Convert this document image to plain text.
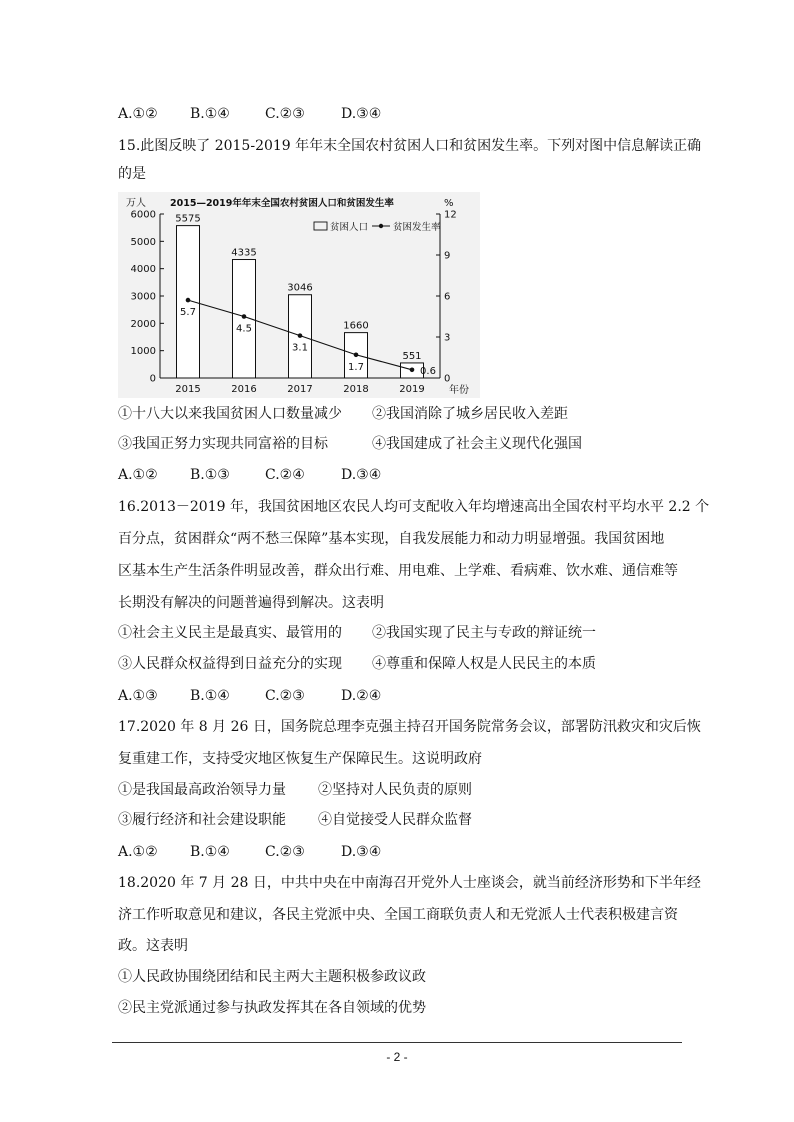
A.①② B.①④	C.②③	D.③④
15.此图反映了 2015-2019 年年末全国农村贫困人口和贫困发生率。下列对图中信息解读正确
的是
2015—2019年年末全国农村贫困人口和贫困发生率
万人	%
年份
0
1000
2000
3000
4000
5000
6000
0
3
6
9
12
2015	2016	2017	2018	2019
5575
4335
3046
1660
551
5.7
4.5
3.1
1.7	0.6
贫困人口	贫困发生率
①十八大以来我国贫困人口数量减少 ②我国消除了城乡居民收入差距
③我国正努力实现共同富裕的目标	④我国建成了社会主义现代化强国
A.①② B.①③	C.②④	D.③④
16.2013－2019 年，我国贫困地区农民人均可支配收入年均增速高出全国农村平均水平 2.2 个
百分点，贫困群众“两不愁三保障”基本实现，自我发展能力和动力明显增强。我国贫困地
区基本生产生活条件明显改善，群众出行难、用电难、上学难、看病难、饮水难、通信难等
长期没有解决的问题普遍得到解决。这表明
①社会主义民主是最真实、最管用的 ②我国实现了民主与专政的辩证统一
③人民群众权益得到日益充分的实现 ④尊重和保障人权是人民民主的本质
A.①③ B.①④	C.②③	D.②④
17.2020 年 8 月 26 日，国务院总理李克强主持召开国务院常务会议，部署防汛救灾和灾后恢
复重建工作，支持受灾地区恢复生产保障民生。这说明政府
①是我国最高政治领导力量 ②坚持对人民负责的原则
③履行经济和社会建设职能 ④自觉接受人民群众监督
A.①② B.①④	C.②③	D.③④
18.2020 年 7 月 28 日，中共中央在中南海召开党外人士座谈会，就当前经济形势和下半年经
济工作听取意见和建议，各民主党派中央、全国工商联负责人和无党派人士代表积极建言资
政。这表明
①人民政协围绕团结和民主两大主题积极参政议政
②民主党派通过参与执政发挥其在各自领域的优势
- 2 -
